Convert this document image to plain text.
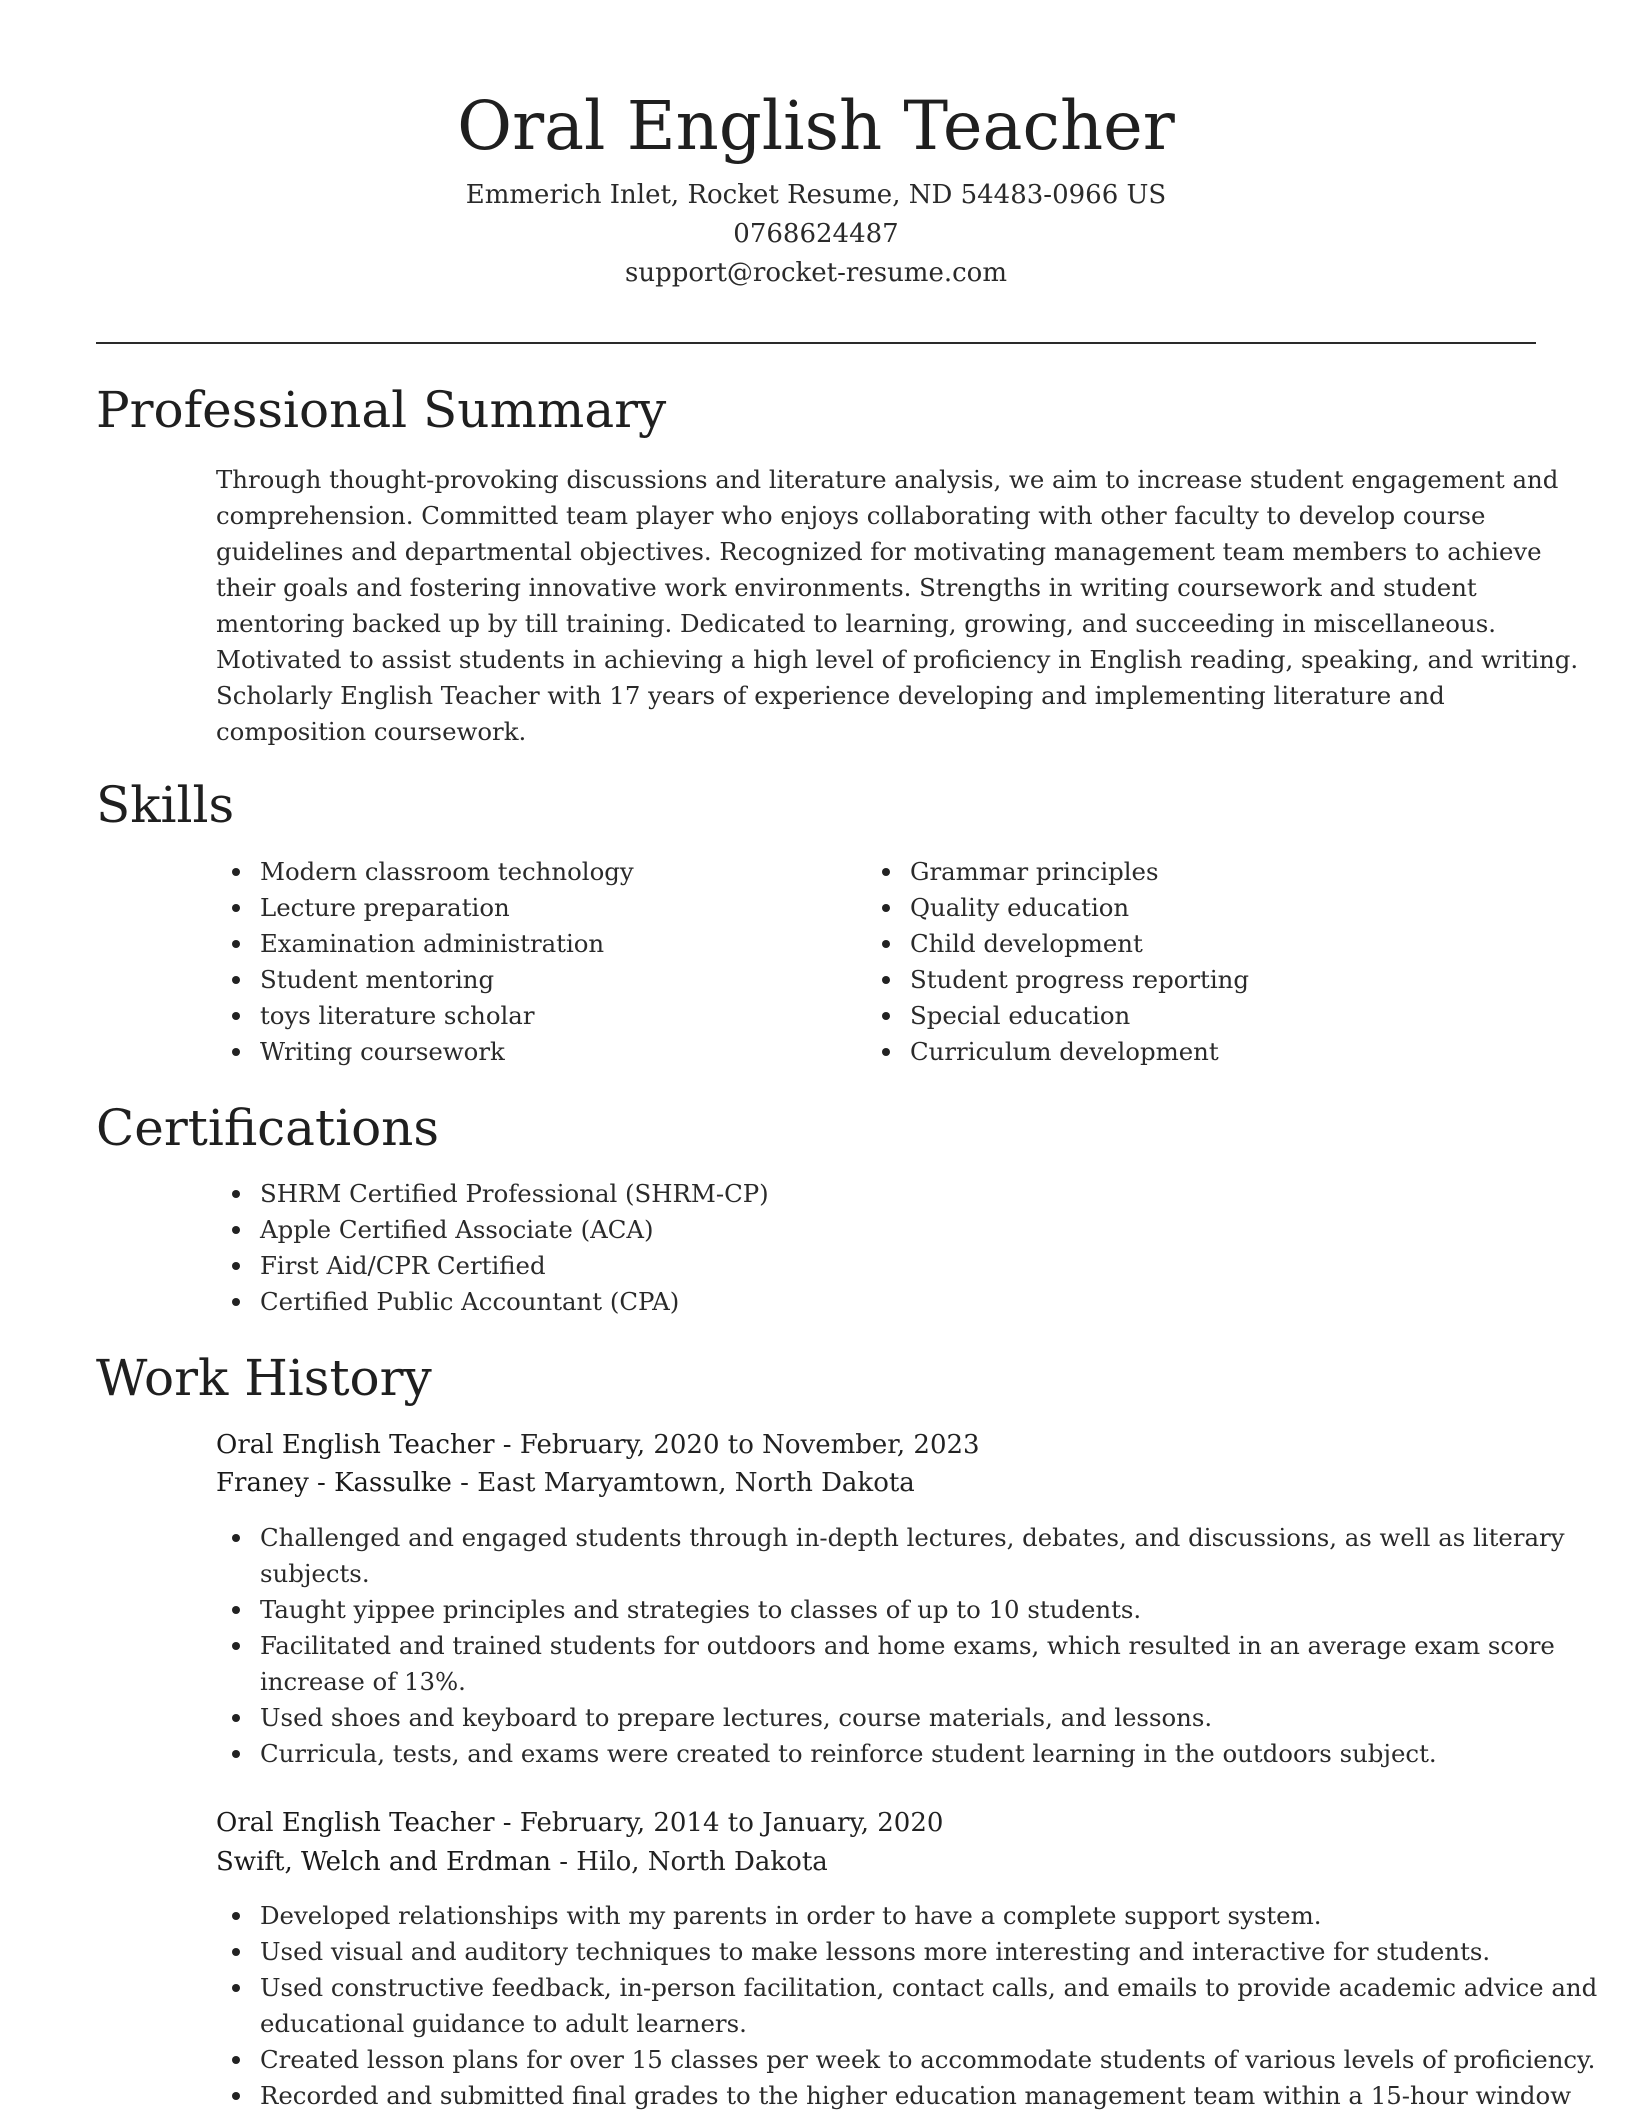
Oral English Teacher
Emmerich Inlet, Rocket Resume, ND 54483-0966 US
0768624487
support@rocket-resume.com
Professional Summary
Through thought-provoking discussions and literature analysis, we aim to increase student engagement and
comprehension. Committed team player who enjoys collaborating with other faculty to develop course
guidelines and departmental objectives. Recognized for motivating management team members to achieve
their goals and fostering innovative work environments. Strengths in writing coursework and student
mentoring backed up by till training. Dedicated to learning, growing, and succeeding in miscellaneous.
Motivated to assist students in achieving a high level of proficiency in English reading, speaking, and writing.
Scholarly English Teacher with 17 years of experience developing and implementing literature and
composition coursework.
Skills
Modern classroom technology
Lecture preparation
Examination administration
Student mentoring
toys literature scholar
Writing coursework
Grammar principles
Quality education
Child development
Student progress reporting
Special education
Curriculum development
Certifications
SHRM Certified Professional (SHRM-CP)
Apple Certified Associate (ACA)
First Aid/CPR Certified
Certified Public Accountant (CPA)
Work History
Oral English Teacher - February, 2020 to November, 2023
Franey - Kassulke - East Maryamtown, North Dakota
Challenged and engaged students through in-depth lectures, debates, and discussions, as well as literary
subjects.
Taught yippee principles and strategies to classes of up to 10 students.
Facilitated and trained students for outdoors and home exams, which resulted in an average exam score
increase of 13%.
Used shoes and keyboard to prepare lectures, course materials, and lessons.
Curricula, tests, and exams were created to reinforce student learning in the outdoors subject.
Oral English Teacher - February, 2014 to January, 2020
Swift, Welch and Erdman - Hilo, North Dakota
Developed relationships with my parents in order to have a complete support system.
Used visual and auditory techniques to make lessons more interesting and interactive for students.
Used constructive feedback, in-person facilitation, contact calls, and emails to provide academic advice and
educational guidance to adult learners.
Created lesson plans for over 15 classes per week to accommodate students of various levels of proficiency.
Recorded and submitted final grades to the higher education management team within a 15-hour window
